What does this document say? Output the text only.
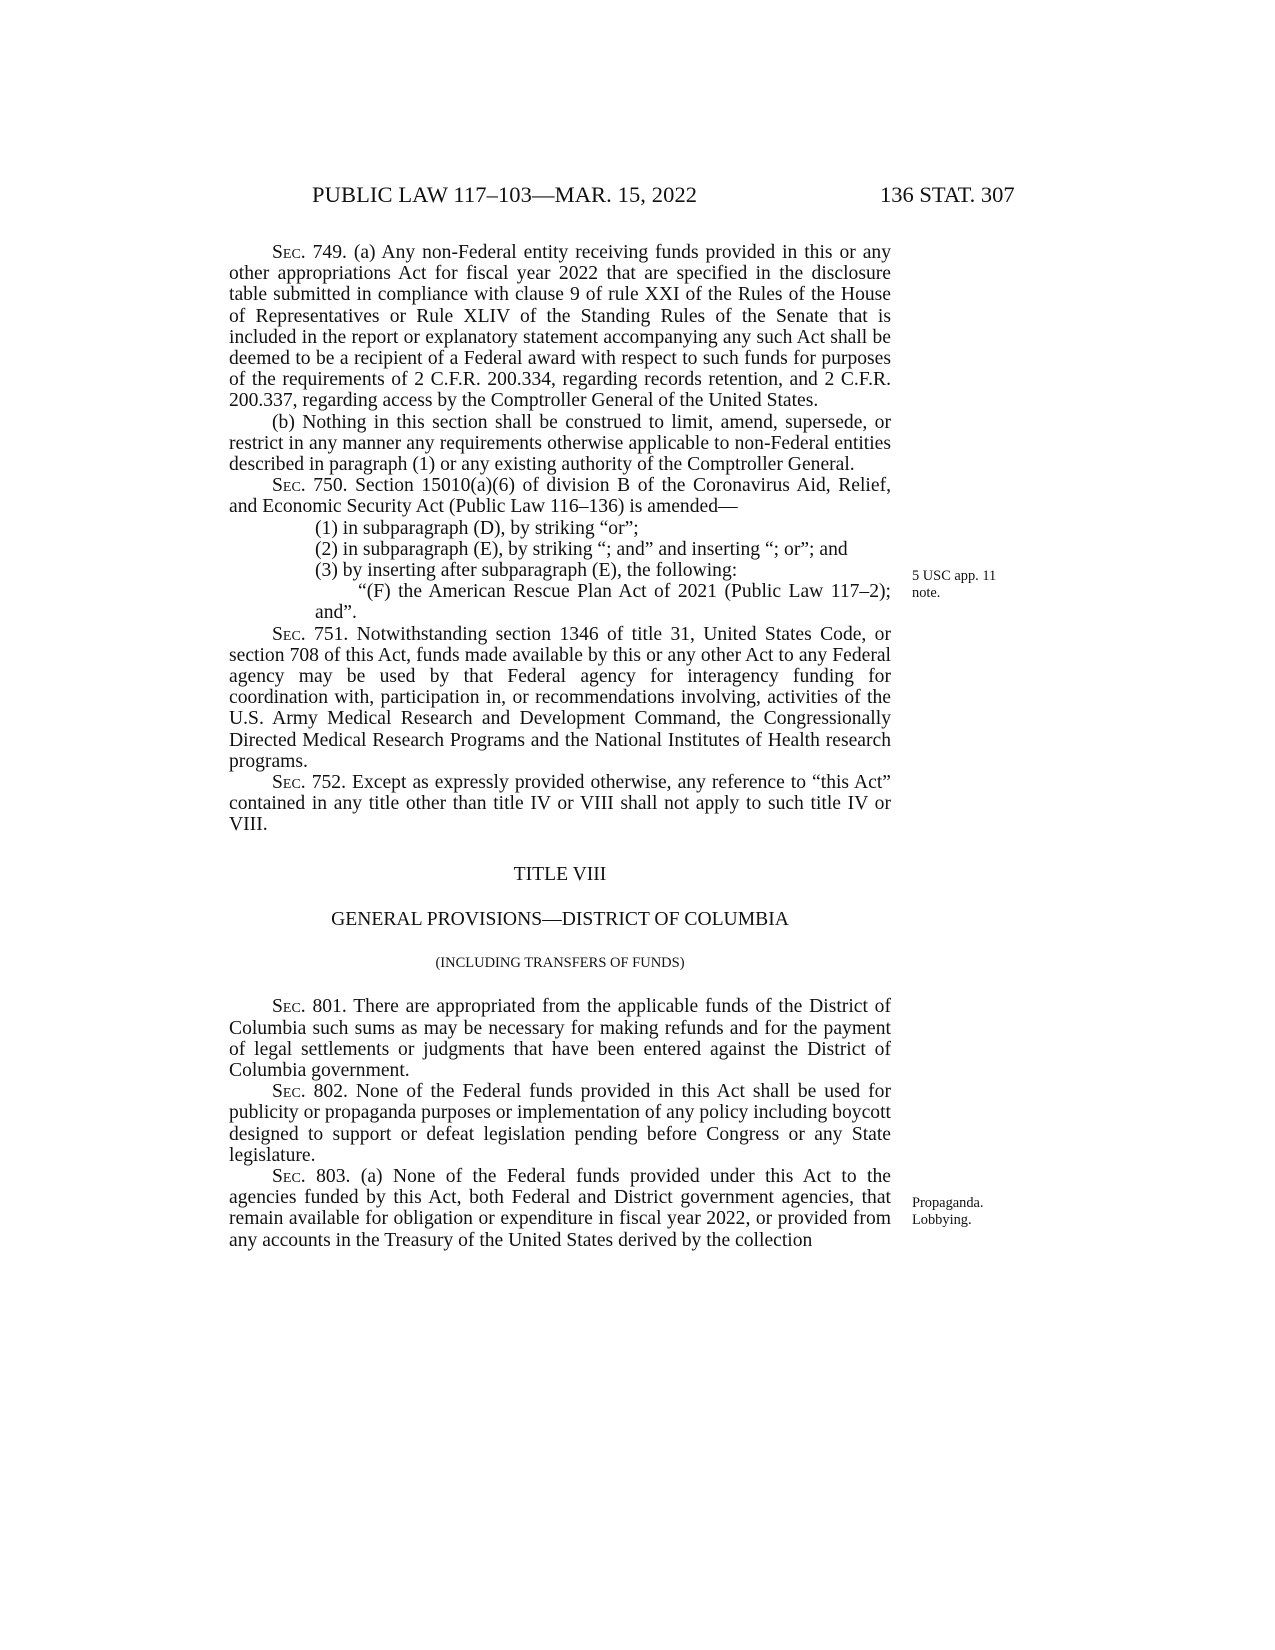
PUBLIC LAW 117–103—MAR. 15, 2022	136 STAT. 307

Sec. 749. (a) Any non-Federal entity receiving funds provided in this or any other appropriations Act for fiscal year 2022 that are specified in the disclosure table submitted in compliance with clause 9 of rule XXI of the Rules of the House of Representatives or Rule XLIV of the Standing Rules of the Senate that is included in the report or explanatory statement accompanying any such Act shall be deemed to be a recipient of a Federal award with respect to such funds for purposes of the requirements of 2 C.F.R. 200.334, regarding records retention, and 2 C.F.R. 200.337, regarding access by the Comptroller General of the United States.

(b) Nothing in this section shall be construed to limit, amend, supersede, or restrict in any manner any requirements otherwise applicable to non-Federal entities described in paragraph (1) or any existing authority of the Comptroller General.

Sec. 750. Section 15010(a)(6) of division B of the Coronavirus Aid, Relief, and Economic Security Act (Public Law 116–136) is amended—

(1) in subparagraph (D), by striking “or”;

(2) in subparagraph (E), by striking “; and” and inserting “; or”; and

(3) by inserting after subparagraph (E), the following:

“(F) the American Rescue Plan Act of 2021 (Public Law 117–2); and”.

Sec. 751. Notwithstanding section 1346 of title 31, United States Code, or section 708 of this Act, funds made available by this or any other Act to any Federal agency may be used by that Federal agency for interagency funding for coordination with, participation in, or recommendations involving, activities of the U.S. Army Medical Research and Development Command, the Congressionally Directed Medical Research Programs and the National Institutes of Health research programs.

Sec. 752. Except as expressly provided otherwise, any reference to “this Act” contained in any title other than title IV or VIII shall not apply to such title IV or VIII.

TITLE VIII

GENERAL PROVISIONS—DISTRICT OF COLUMBIA

(INCLUDING TRANSFERS OF FUNDS)

Sec. 801. There are appropriated from the applicable funds of the District of Columbia such sums as may be necessary for making refunds and for the payment of legal settlements or judgments that have been entered against the District of Columbia government.

Sec. 802. None of the Federal funds provided in this Act shall be used for publicity or propaganda purposes or implementation of any policy including boycott designed to support or defeat legislation pending before Congress or any State legislature.

Sec. 803. (a) None of the Federal funds provided under this Act to the agencies funded by this Act, both Federal and District government agencies, that remain available for obligation or expenditure in fiscal year 2022, or provided from any accounts in the Treasury of the United States derived by the collection

5 USC app. 11
note.
Propaganda.
Lobbying.
